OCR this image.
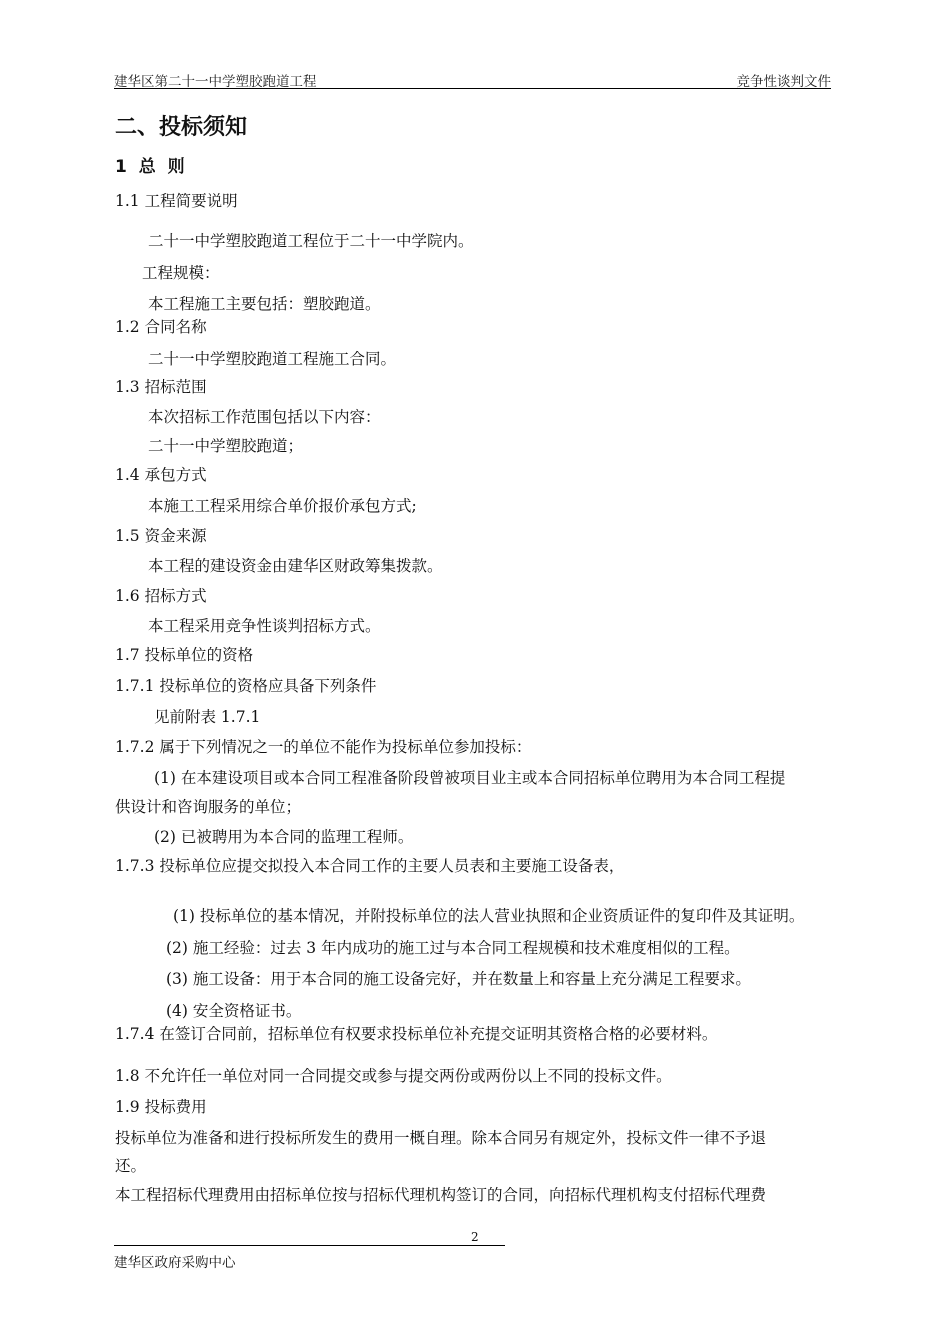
建华区第二十一中学塑胶跑道工程	竞争性谈判文件
二、投标须知
1 总 则
1.1 工程简要说明
二十一中学塑胶跑道工程位于二十一中学院内。
工程规模：
本工程施工主要包括：塑胶跑道。
1.2 合同名称
二十一中学塑胶跑道工程施工合同。
1.3 招标范围
本次招标工作范围包括以下内容：
二十一中学塑胶跑道；
1.4 承包方式
本施工工程采用综合单价报价承包方式;
1.5 资金来源
本工程的建设资金由建华区财政筹集拨款。
1.6 招标方式
本工程采用竞争性谈判招标方式。
1.7 投标单位的资格
1.7.1 投标单位的资格应具备下列条件
见前附表 1.7.1
1.7.2 属于下列情况之一的单位不能作为投标单位参加投标：
(1) 在本建设项目或本合同工程准备阶段曾被项目业主或本合同招标单位聘用为本合同工程提
供设计和咨询服务的单位；
(2) 已被聘用为本合同的监理工程师。
1.7.3 投标单位应提交拟投入本合同工作的主要人员表和主要施工设备表，
(1) 投标单位的基本情况，并附投标单位的法人营业执照和企业资质证件的复印件及其证明。
(2) 施工经验：过去 3 年内成功的施工过与本合同工程规模和技术难度相似的工程。
(3) 施工设备：用于本合同的施工设备完好，并在数量上和容量上充分满足工程要求。
(4) 安全资格证书。
1.7.4 在签订合同前，招标单位有权要求投标单位补充提交证明其资格合格的必要材料。
1.8 不允许任一单位对同一合同提交或参与提交两份或两份以上不同的投标文件。
1.9 投标费用
投标单位为准备和进行投标所发生的费用一概自理。除本合同另有规定外，投标文件一律不予退
还。
本工程招标代理费用由招标单位按与招标代理机构签订的合同，向招标代理机构支付招标代理费
2
建华区政府采购中心
